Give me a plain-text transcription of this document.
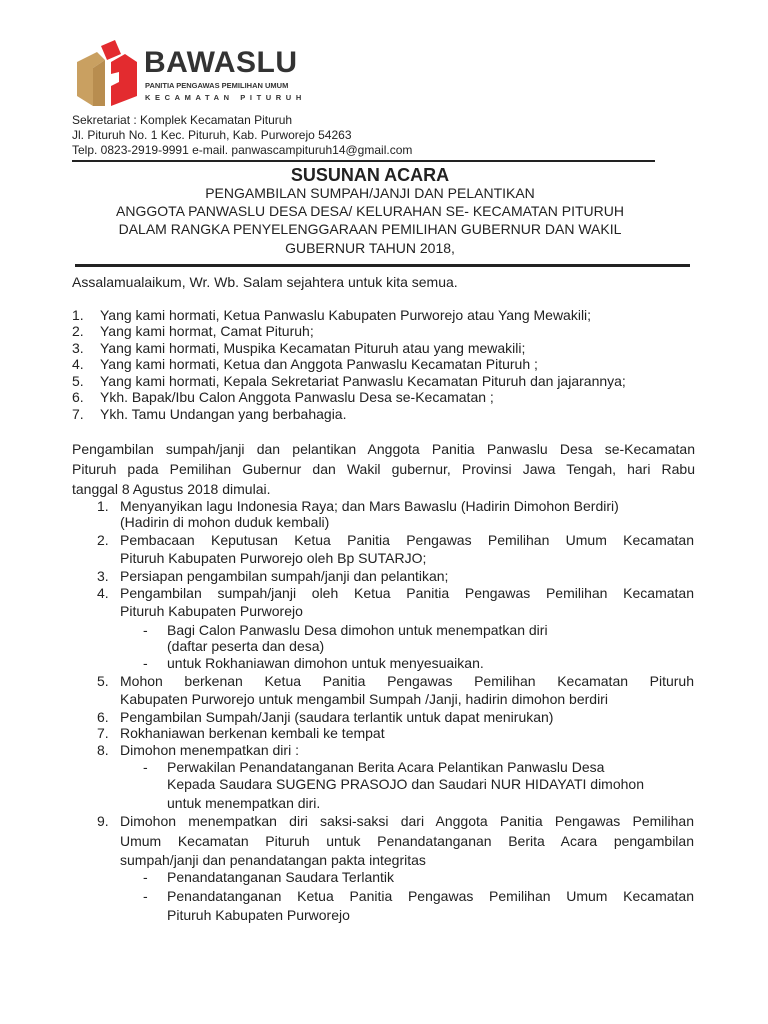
BAWASLU
PANITIA PENGAWAS PEMILIHAN UMUM
KECAMATAN PITURUH
Sekretariat : Komplek Kecamatan Pituruh
Jl. Pituruh No. 1 Kec. Pituruh, Kab. Purworejo 54263
Telp. 0823-2919-9991 e-mail. panwascampituruh14@gmail.com
SUSUNAN ACARA
PENGAMBILAN SUMPAH/JANJI DAN PELANTIKAN
ANGGOTA PANWASLU DESA DESA/ KELURAHAN SE- KECAMATAN PITURUH
DALAM RANGKA PENYELENGGARAAN PEMILIHAN GUBERNUR DAN WAKIL
GUBERNUR TAHUN 2018,
Assalamualaikum, Wr. Wb. Salam sejahtera untuk kita semua.
1. Yang kami hormati, Ketua Panwaslu Kabupaten Purworejo atau Yang Mewakili;
2. Yang kami hormat, Camat Pituruh;
3. Yang kami hormati, Muspika Kecamatan Pituruh atau yang mewakili;
4. Yang kami hormati, Ketua dan Anggota Panwaslu Kecamatan Pituruh ;
5. Yang kami hormati, Kepala Sekretariat Panwaslu Kecamatan Pituruh dan jajarannya;
6. Ykh. Bapak/Ibu Calon Anggota Panwaslu Desa se-Kecamatan ;
7. Ykh. Tamu Undangan yang berbahagia.
Pengambilan sumpah/janji dan pelantikan Anggota Panitia Panwaslu Desa se-Kecamatan
Pituruh pada Pemilihan Gubernur dan Wakil gubernur, Provinsi Jawa Tengah, hari Rabu
tanggal 8 Agustus 2018 dimulai.
1. Menyanyikan lagu Indonesia Raya; dan Mars Bawaslu (Hadirin Dimohon Berdiri)
(Hadirin di mohon duduk kembali)
2. Pembacaan Keputusan Ketua Panitia Pengawas Pemilihan Umum Kecamatan
Pituruh Kabupaten Purworejo oleh Bp SUTARJO;
3. Persiapan pengambilan sumpah/janji dan pelantikan;
4. Pengambilan sumpah/janji oleh Ketua Panitia Pengawas Pemilihan Kecamatan
Pituruh Kabupaten Purworejo
- Bagi Calon Panwaslu Desa dimohon untuk menempatkan diri
(daftar peserta dan desa)
- untuk Rokhaniawan dimohon untuk menyesuaikan.
5. Mohon berkenan Ketua Panitia Pengawas Pemilihan Kecamatan Pituruh
Kabupaten Purworejo untuk mengambil Sumpah /Janji, hadirin dimohon berdiri
6. Pengambilan Sumpah/Janji (saudara terlantik untuk dapat menirukan)
7. Rokhaniawan berkenan kembali ke tempat
8. Dimohon menempatkan diri :
- Perwakilan Penandatanganan Berita Acara Pelantikan Panwaslu Desa
Kepada Saudara SUGENG PRASOJO dan Saudari NUR HIDAYATI dimohon
untuk menempatkan diri.
9. Dimohon menempatkan diri saksi-saksi dari Anggota Panitia Pengawas Pemilihan
Umum Kecamatan Pituruh untuk Penandatanganan Berita Acara pengambilan
sumpah/janji dan penandatangan pakta integritas
- Penandatanganan Saudara Terlantik
- Penandatanganan Ketua Panitia Pengawas Pemilihan Umum Kecamatan
Pituruh Kabupaten Purworejo
